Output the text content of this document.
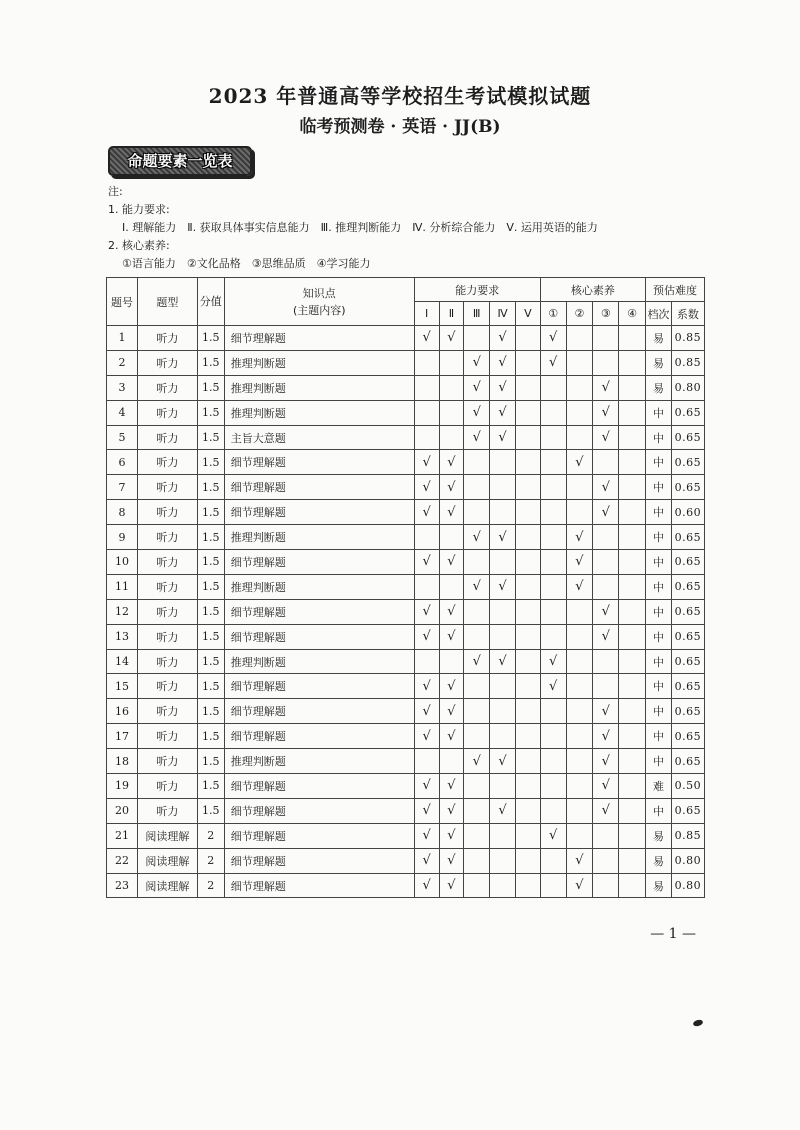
2023 年普通高等学校招生考试模拟试题
临考预测卷 · 英语 · JJ(B)
命题要素一览表
注:
1. 能力要求:
Ⅰ. 理解能力　Ⅱ. 获取具体事实信息能力　Ⅲ. 推理判断能力　Ⅳ. 分析综合能力　Ⅴ. 运用英语的能力
2. 核心素养:
①语言能力　②文化品格　③思维品质　④学习能力
题号	题型	分值	知识点
(主题内容)	能力要求					核心素养				预估难度	
				Ⅰ	Ⅱ	Ⅲ	Ⅳ	Ⅴ	①	②	③	④	档次	系数
1	听力	1.5	细节理解题	√	√		√		√				易	0.85
2	听力	1.5	推理判断题			√	√		√				易	0.85
3	听力	1.5	推理判断题			√	√				√		易	0.80
4	听力	1.5	推理判断题			√	√				√		中	0.65
5	听力	1.5	主旨大意题			√	√				√		中	0.65
6	听力	1.5	细节理解题	√	√					√			中	0.65
7	听力	1.5	细节理解题	√	√						√		中	0.65
8	听力	1.5	细节理解题	√	√						√		中	0.60
9	听力	1.5	推理判断题			√	√			√			中	0.65
10	听力	1.5	细节理解题	√	√					√			中	0.65
11	听力	1.5	推理判断题			√	√			√			中	0.65
12	听力	1.5	细节理解题	√	√						√		中	0.65
13	听力	1.5	细节理解题	√	√						√		中	0.65
14	听力	1.5	推理判断题			√	√		√				中	0.65
15	听力	1.5	细节理解题	√	√				√				中	0.65
16	听力	1.5	细节理解题	√	√						√		中	0.65
17	听力	1.5	细节理解题	√	√						√		中	0.65
18	听力	1.5	推理判断题			√	√				√		中	0.65
19	听力	1.5	细节理解题	√	√						√		难	0.50
20	听力	1.5	细节理解题	√	√		√				√		中	0.65
21	阅读理解	2	细节理解题	√	√				√				易	0.85
22	阅读理解	2	细节理解题	√	√					√			易	0.80
23	阅读理解	2	细节理解题	√	√					√			易	0.80
— 1 —
